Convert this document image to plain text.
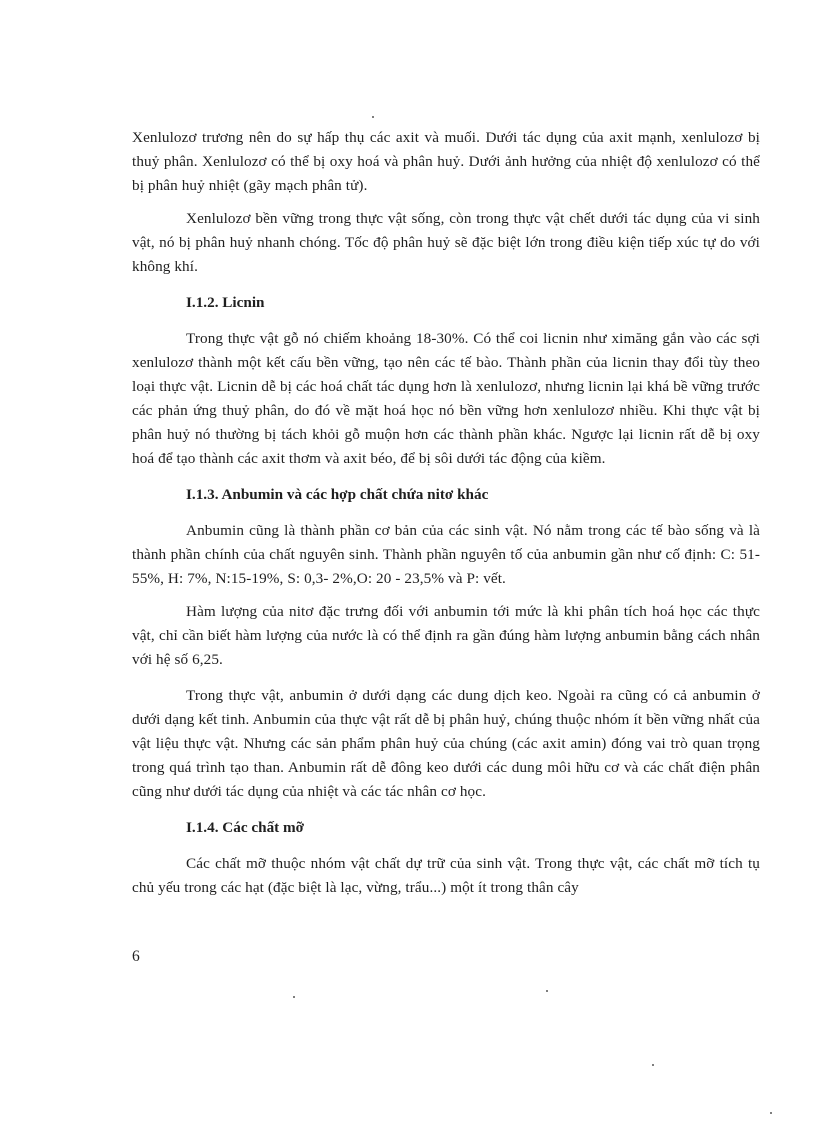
Xenlulozơ trương nên do sự hấp thụ các axit và muối. Dưới tác dụng của axit mạnh, xenlulozơ bị thuỷ phân. Xenlulozơ có thể bị oxy hoá và phân huỷ. Dưới ảnh hưởng của nhiệt độ xenlulozơ có thể bị phân huỷ nhiệt (gãy mạch phân tử).

Xenlulozơ bền vững trong thực vật sống, còn trong thực vật chết dưới tác dụng của vi sinh vật, nó bị phân huỷ nhanh chóng. Tốc độ phân huỷ sẽ đặc biệt lớn trong điều kiện tiếp xúc tự do với không khí.

I.1.2. Licnin

Trong thực vật gỗ nó chiếm khoảng 18-30%. Có thể coi licnin như ximăng gắn vào các sợi xenlulozơ thành một kết cấu bền vững, tạo nên các tế bào. Thành phần của licnin thay đổi tùy theo loại thực vật. Licnin dễ bị các hoá chất tác dụng hơn là xenlulozơ, nhưng licnin lại khá bề vững trước các phản ứng thuỷ phân, do đó về mặt hoá học nó bền vững hơn xenlulozơ nhiều. Khi thực vật bị phân huỷ nó thường bị tách khỏi gỗ muộn hơn các thành phần khác. Ngược lại licnin rất dễ bị oxy hoá để tạo thành các axit thơm và axit béo, để bị sôi dưới tác động của kiềm.

I.1.3. Anbumin và các hợp chất chứa nitơ khác

Anbumin cũng là thành phần cơ bản của các sinh vật. Nó nằm trong các tế bào sống và là thành phần chính của chất nguyên sinh. Thành phần nguyên tố của anbumin gần như cố định: C: 51-55%, H: 7%, N:15-19%, S: 0,3- 2%,O: 20 - 23,5% và P: vết.

Hàm lượng của nitơ đặc trưng đối với anbumin tới mức là khi phân tích hoá học các thực vật, chỉ cần biết hàm lượng của nước là có thể định ra gần đúng hàm lượng anbumin bằng cách nhân với hệ số 6,25.

Trong thực vật, anbumin ở dưới dạng các dung dịch keo. Ngoài ra cũng có cả anbumin ở dưới dạng kết tinh. Anbumin của thực vật rất dễ bị phân huỷ, chúng thuộc nhóm ít bền vững nhất của vật liệu thực vật. Nhưng các sản phẩm phân huỷ của chúng (các axit amin) đóng vai trò quan trọng trong quá trình tạo than. Anbumin rất dễ đông keo dưới các dung môi hữu cơ và các chất điện phân cũng như dưới tác dụng của nhiệt và các tác nhân cơ học.

I.1.4. Các chất mỡ

Các chất mỡ thuộc nhóm vật chất dự trữ của sinh vật. Trong thực vật, các chất mỡ tích tụ chủ yếu trong các hạt (đặc biệt là lạc, vừng, trẩu...) một ít trong thân cây

6
